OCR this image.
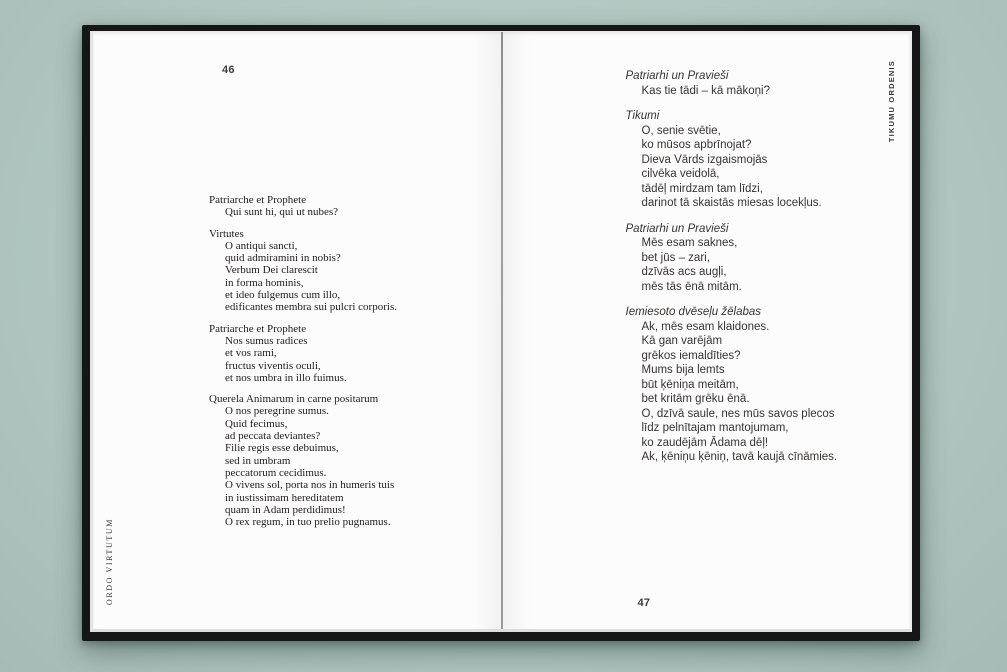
46
Patriarche et Prophete
Qui sunt hi, qui ut nubes?
Virtutes
O antiqui sancti,
quid admiramini in nobis?
Verbum Dei clarescit
in forma hominis,
et ideo fulgemus cum illo,
edificantes membra sui pulcri corporis.
Patriarche et Prophete
Nos sumus radices
et vos rami,
fructus viventis oculi,
et nos umbra in illo fuimus.
Querela Animarum in carne positarum
O nos peregrine sumus.
Quid fecimus,
ad peccata deviantes?
Filie regis esse debuimus,
sed in umbram
peccatorum cecidimus.
O vivens sol, porta nos in humeris tuis
in iustissimam hereditatem
quam in Adam perdidimus!
O rex regum, in tuo prelio pugnamus.
ORDO VIRTUTUM
Patriarhi un Pravieši
Kas tie tādi – kā mākoņi?
Tikumi
O, senie svētie,
ko mūsos apbrīnojat?
Dieva Vārds izgaismojās
cilvēka veidolā,
tādēļ mirdzam tam līdzi,
darinot tā skaistās miesas locekļus.
Patriarhi un Pravieši
Mēs esam saknes,
bet jūs – zari,
dzīvās acs augļi,
mēs tās ēnā mitām.
Iemiesoto dvēseļu žēlabas
Ak, mēs esam klaidones.
Kā gan varējām
grēkos iemaldīties?
Mums bija lemts
būt ķēniņa meitām,
bet kritām grēku ēnā.
O, dzīvā saule, nes mūs savos plecos
līdz pelnītajam mantojumam,
ko zaudējām Ādama dēļ!
Ak, ķēniņu ķēniņ, tavā kaujā cīnāmies.
47
TIKUMU ORDENIS
